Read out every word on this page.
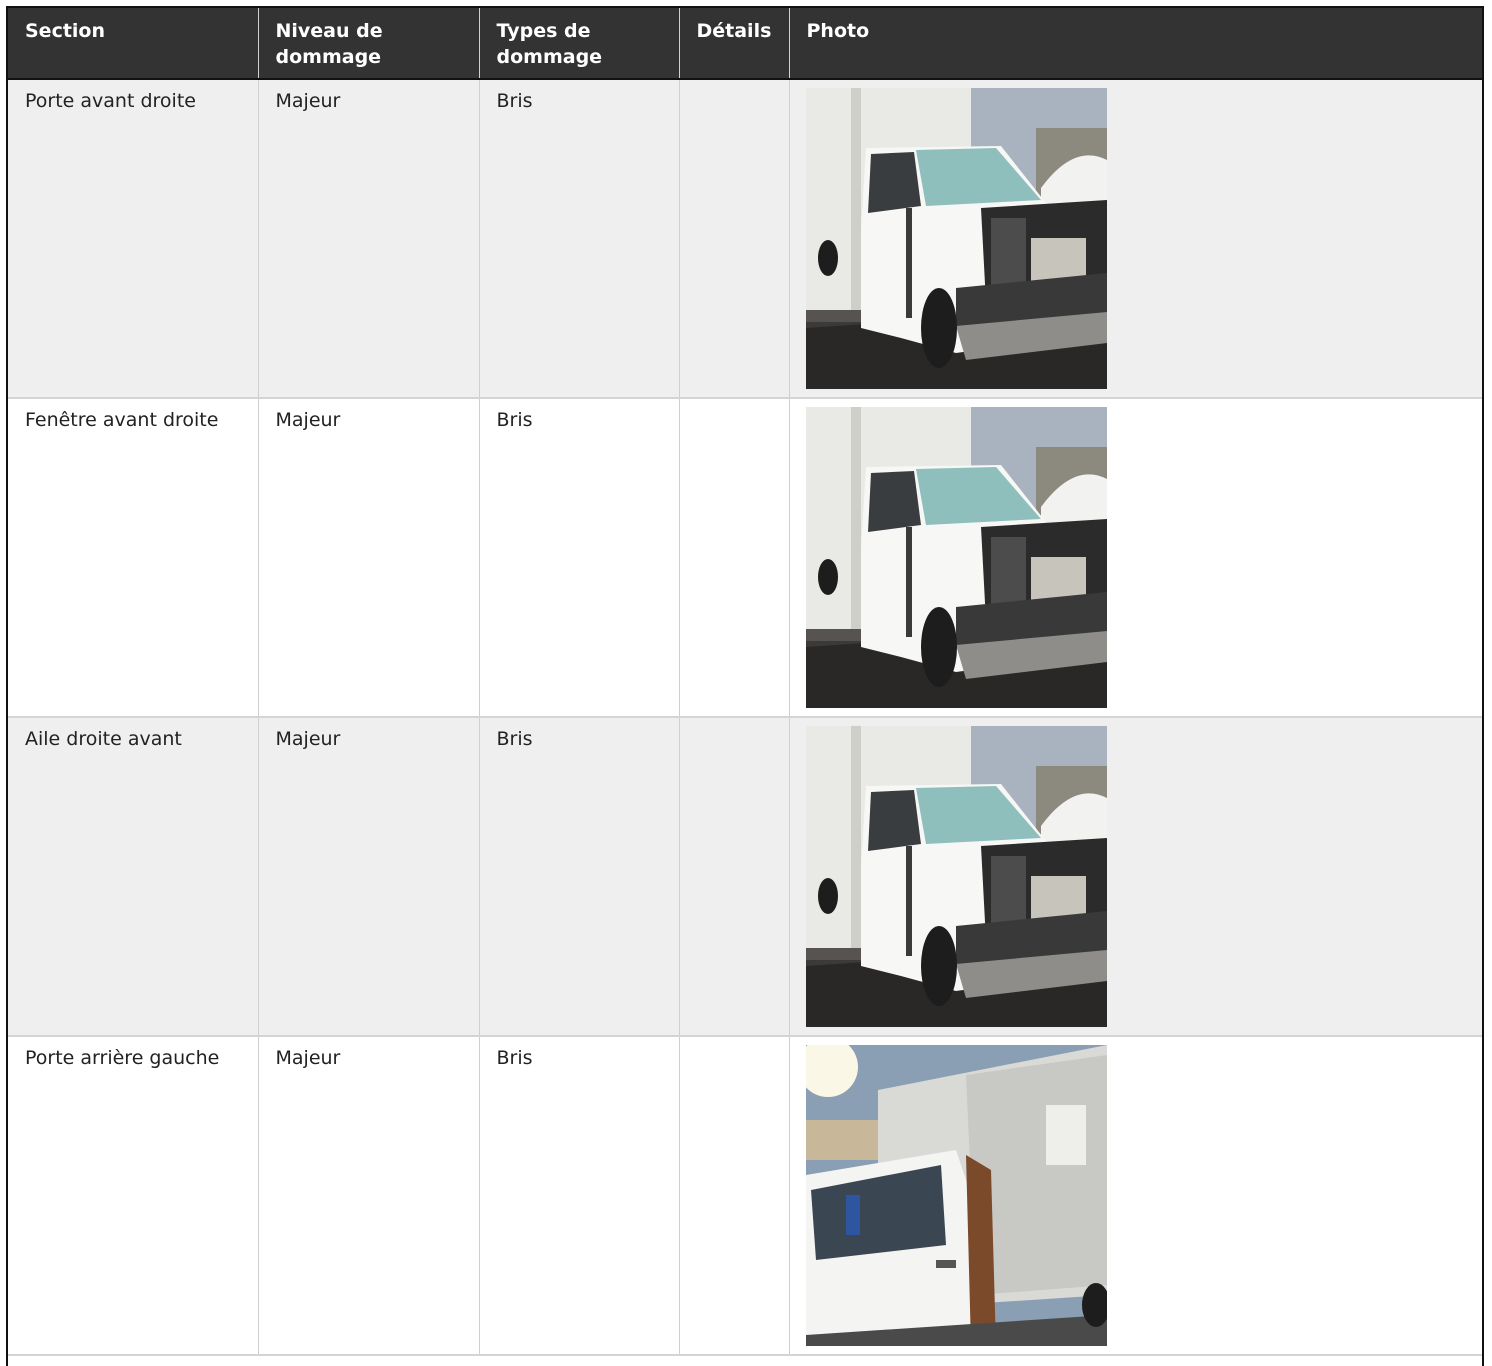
Section	Niveau de dommage	Types de dommage	Détails	Photo
Porte avant droite	Majeur	Bris		

Fenêtre avant droite	Majeur	Bris		

Aile droite avant	Majeur	Bris		

Porte arrière gauche	Majeur	Bris		
